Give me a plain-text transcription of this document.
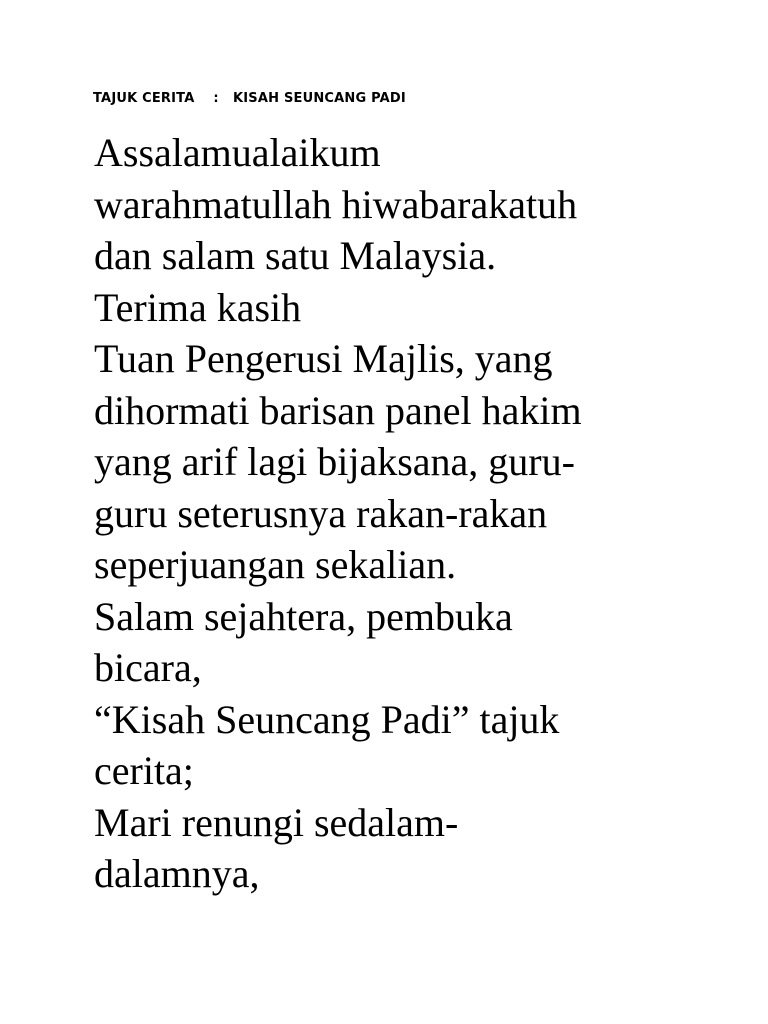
TAJUK CERITA : KISAH SEUNCANG PADI
Assalamualaikum
warahmatullah hiwabarakatuh
dan salam satu Malaysia.
Terima kasih
Tuan Pengerusi Majlis, yang
dihormati barisan panel hakim
yang arif lagi bijaksana, guru-
guru seterusnya rakan-rakan
seperjuangan sekalian.
Salam sejahtera, pembuka
bicara,
“Kisah Seuncang Padi” tajuk
cerita;
Mari renungi sedalam-
dalamnya,
